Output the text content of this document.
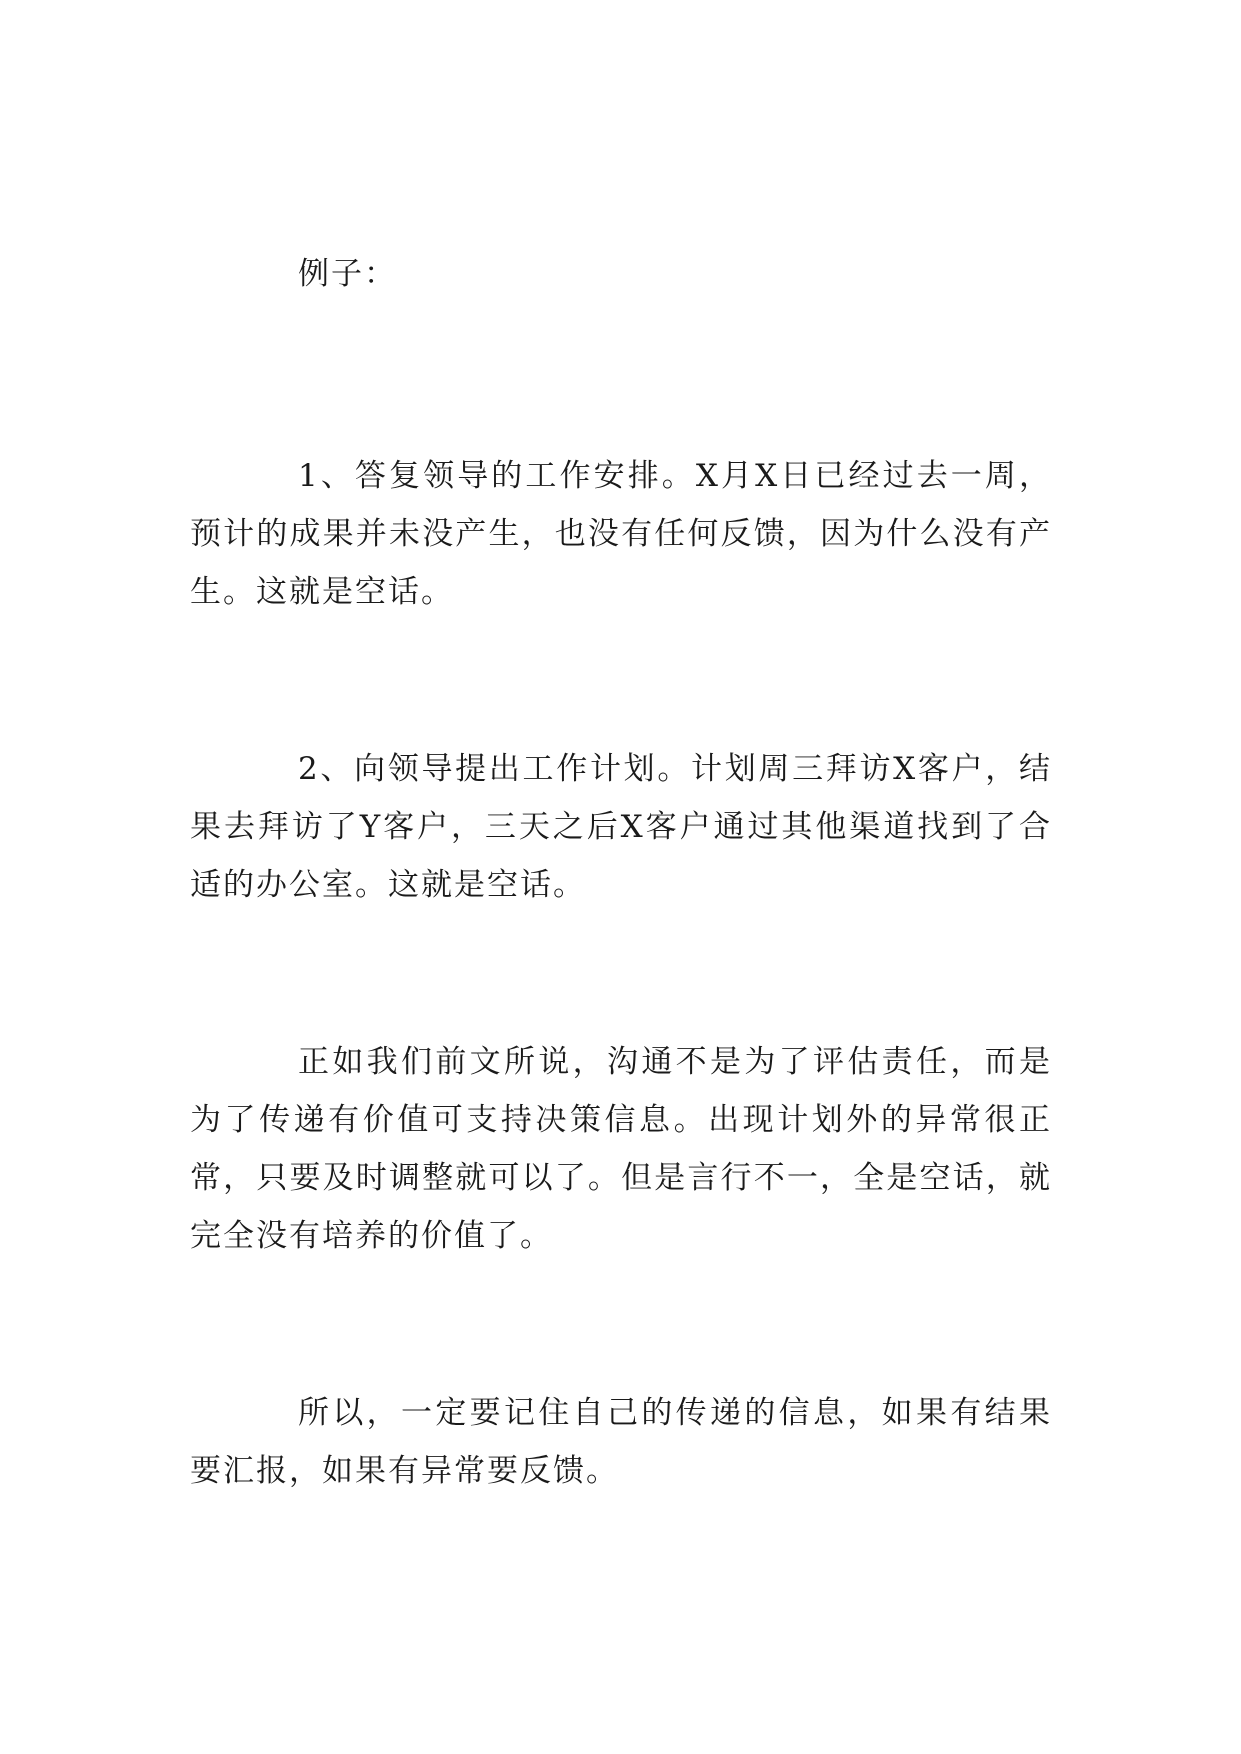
例子：

1、答复领导的工作安排。X月X日已经过去一周，预计的成果并未没产生，也没有任何反馈，因为什么没有产生。这就是空话。

2、向领导提出工作计划。计划周三拜访X客户，结果去拜访了Y客户，三天之后X客户通过其他渠道找到了合适的办公室。这就是空话。

正如我们前文所说，沟通不是为了评估责任，而是为了传递有价值可支持决策信息。出现计划外的异常很正常，只要及时调整就可以了。但是言行不一，全是空话，就完全没有培养的价值了。

所以，一定要记住自己的传递的信息，如果有结果要汇报，如果有异常要反馈。
